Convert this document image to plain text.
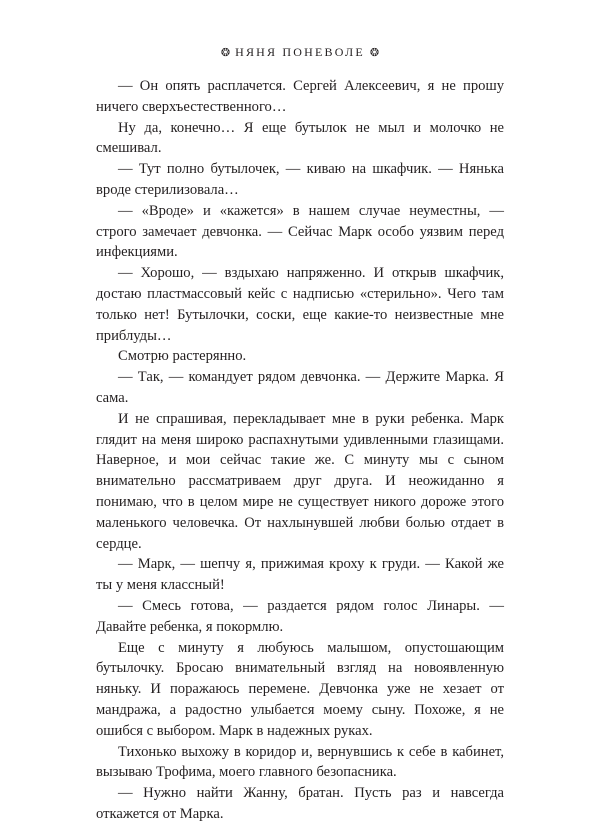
❂ НЯНЯ ПОНЕВОЛЕ ❂

— Он опять расплачется. Сергей Алексеевич, я не прошу ничего сверхъестественного…

Ну да, конечно… Я еще бутылок не мыл и молочко не смешивал.

— Тут полно бутылочек, — киваю на шкафчик. — Нянька вроде стерилизовала…

— «Вроде» и «кажется» в нашем случае неуместны, — строго замечает девчонка. — Сейчас Марк особо уязвим перед инфекциями.

— Хорошо, — вздыхаю напряженно. И открыв шкафчик, достаю пластмассовый кейс с надписью «стерильно». Чего там только нет! Бутылочки, соски, еще какие-то неизвестные мне приблуды…

Смотрю растерянно.

— Так, — командует рядом девчонка. — Держите Марка. Я сама.

И не спрашивая, перекладывает мне в руки ребенка. Марк глядит на меня широко распахнутыми удивленными глазищами. Наверное, и мои сейчас такие же. С минуту мы с сыном внимательно рассматриваем друг друга. И неожиданно я понимаю, что в целом мире не существует никого дороже этого маленького человечка. От нахлынувшей любви болью отдает в сердце.

— Марк, — шепчу я, прижимая кроху к груди. — Какой же ты у меня классный!

— Смесь готова, — раздается рядом голос Линары. — Давайте ребенка, я покормлю.

Еще с минуту я любуюсь малышом, опустошающим бутылочку. Бросаю внимательный взгляд на новоявленную няньку. И поражаюсь перемене. Девчонка уже не хезает от мандража, а радостно улыбается моему сыну. Похоже, я не ошибся с выбором. Марк в надежных руках.

Тихонько выхожу в коридор и, вернувшись к себе в кабинет, вызываю Трофима, моего главного безопасника.

— Нужно найти Жанну, братан. Пусть раз и навсегда откажется от Марка.
